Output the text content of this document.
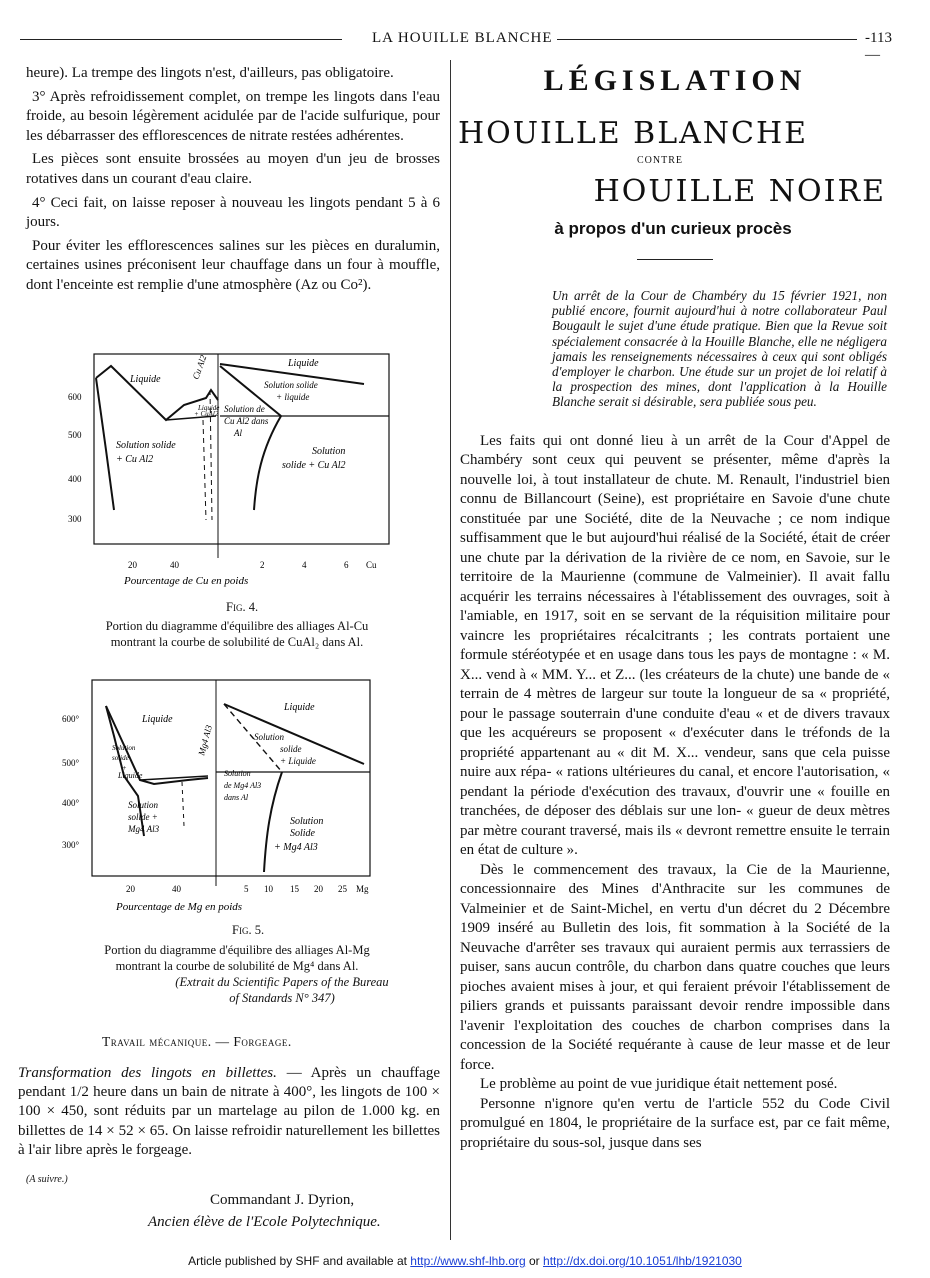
LA HOUILLE BLANCHE	-113 —

heure). La trempe des lingots n'est, d'ailleurs, pas obligatoire.

3° Après refroidissement complet, on trempe les lingots dans l'eau froide, au besoin légèrement acidulée par de l'acide sulfurique, pour les débarrasser des efflorescences de nitrate restées adhérentes.

Les pièces sont ensuite brossées au moyen d'un jeu de brosses rotatives dans un courant d'eau claire.

4° Ceci fait, on laisse reposer à nouveau les lingots pendant 5 à 6 jours.

Pour éviter les efflorescences salines sur les pièces en duralumin, certaines usines préconisent leur chauffage dans un four à mouffle, dont l'enceinte est remplie d'une atmosphère (Az ou Co²).

600
500
400
300
20	40	2	4	6 Cu
Pourcentage de Cu en poids
Liquide	Cu Al2
Liquide
+ CuAl2 Solution de
Cu Al2 dans
Al
Solution solide
+ Cu Al2
Liquide
Solution solide
+ liquide
Solution
solide + Cu Al2
Fig. 4.
Portion du diagramme d'équilibre des alliages Al-Cu
montrant la courbe de solubilité de CuAl₂ dans Al.
600°
500°
400°
300°
20	40	5 10 15 20 25 Mg
Pourcentage de Mg en poids
Liquide
Mg4 Al3
Solution
solide
+
Liquide
Solution
solide +
Mg4 Al3
Liquide
Solution
solide
+ Liquide
Solution
de Mg4 Al3
dans Al
Solution
Solide
+ Mg4 Al3
Fig. 5.
Portion du diagramme d'équilibre des alliages Al-Mg
montrant la courbe de solubilité de Mg⁴ dans Al.
(Extrait du Scientific Papers of the Bureau
of Standards N° 347)
Travail mécanique. — Forgeage.
Transformation des lingots en billettes. — Après un chauffage pendant 1/2 heure dans un bain de nitrate à 400°, les lingots de 100 × 100 × 450, sont réduits par un martelage au pilon de 1.000 kg. en billettes de 14 × 52 × 65. On laisse refroidir naturellement les billettes à l'air libre après le forgeage.
(A suivre.)
Commandant J. Dyrion,
Ancien élève de l'Ecole Polytechnique.
LÉGISLATION
HOUILLE BLANCHE
CONTRE
HOUILLE NOIRE
à propos d'un curieux procès
Un arrêt de la Cour de Chambéry du 15 février 1921, non publié encore, fournit aujourd'hui à notre collaborateur Paul Bougault le sujet d'une étude pratique. Bien que la Revue soit spécialement consacrée à la Houille Blanche, elle ne négligera jamais les renseignements nécessaires à ceux qui sont obligés d'employer le charbon. Une étude sur un projet de loi relatif à la prospection des mines, dont l'application à la Houille Blanche serait si désirable, sera publiée sous peu.

Les faits qui ont donné lieu à un arrêt de la Cour d'Appel de Chambéry sont ceux qui peuvent se présenter, même d'après la nouvelle loi, à tout installateur de chute. M. Renault, l'industriel bien connu de Billancourt (Seine), est propriétaire en Savoie d'une chute constituée par une Société, dite de la Neuvache ; ce nom indique suffisamment que le but aujourd'hui réalisé de la Société, était de créer une chute par la dérivation de la rivière de ce nom, en Savoie, sur le territoire de la Maurienne (commune de Valmeinier). Il avait fallu acquérir les terrains nécessaires à l'établissement des ouvrages, soit à l'amiable, en 1917, soit en se servant de la réquisition militaire pour vaincre les propriétaires récalcitrants ; les contrats portaient une formule stéréotypée et en usage dans tous les pays de montagne : « M. X... vend à « MM. Y... et Z... (les créateurs de la chute) une bande de « terrain de 4 mètres de largeur sur toute la longueur de sa « propriété, pour le passage souterrain d'une conduite d'eau « et de divers travaux que les acquéreurs se proposent « d'exécuter dans le tréfonds de la propriété appartenant au « dit M. X... vendeur, sans que cela puisse nuire aux répa- « rations ultérieures du canal, et encore l'autorisation, « pendant la période d'exécution des travaux, d'ouvrir une « fouille en tranchées, de déposer des déblais sur une lon- « gueur de deux mètres par mètre courant traversé, mais ils « devront remettre ensuite le terrain en état de culture ».

Dès le commencement des travaux, la Cie de la Maurienne, concessionnaire des Mines d'Anthracite sur les communes de Valmeinier et de Saint-Michel, en vertu d'un décret du 2 Décembre 1909 inséré au Bulletin des lois, fit sommation à la Société de la Neuvache d'arrêter ses travaux qui auraient permis aux terrassiers de puiser, sans aucun contrôle, du charbon dans quatre couches que leurs pioches avaient mises à jour, et qui feraient prévoir l'établissement de piliers grands et puissants paraissant devoir rendre impossible dans l'avenir l'exploitation des couches de charbon comprises dans la concession de la Société requérante à cause de leur masse et de leur force.

Le problème au point de vue juridique était nettement posé.

Personne n'ignore qu'en vertu de l'article 552 du Code Civil promulgué en 1804, le propriétaire de la surface est, par ce fait même, propriétaire du sous-sol, jusque dans ses

Article published by SHF and available at http://www.shf-lhb.org or http://dx.doi.org/10.1051/lhb/1921030
